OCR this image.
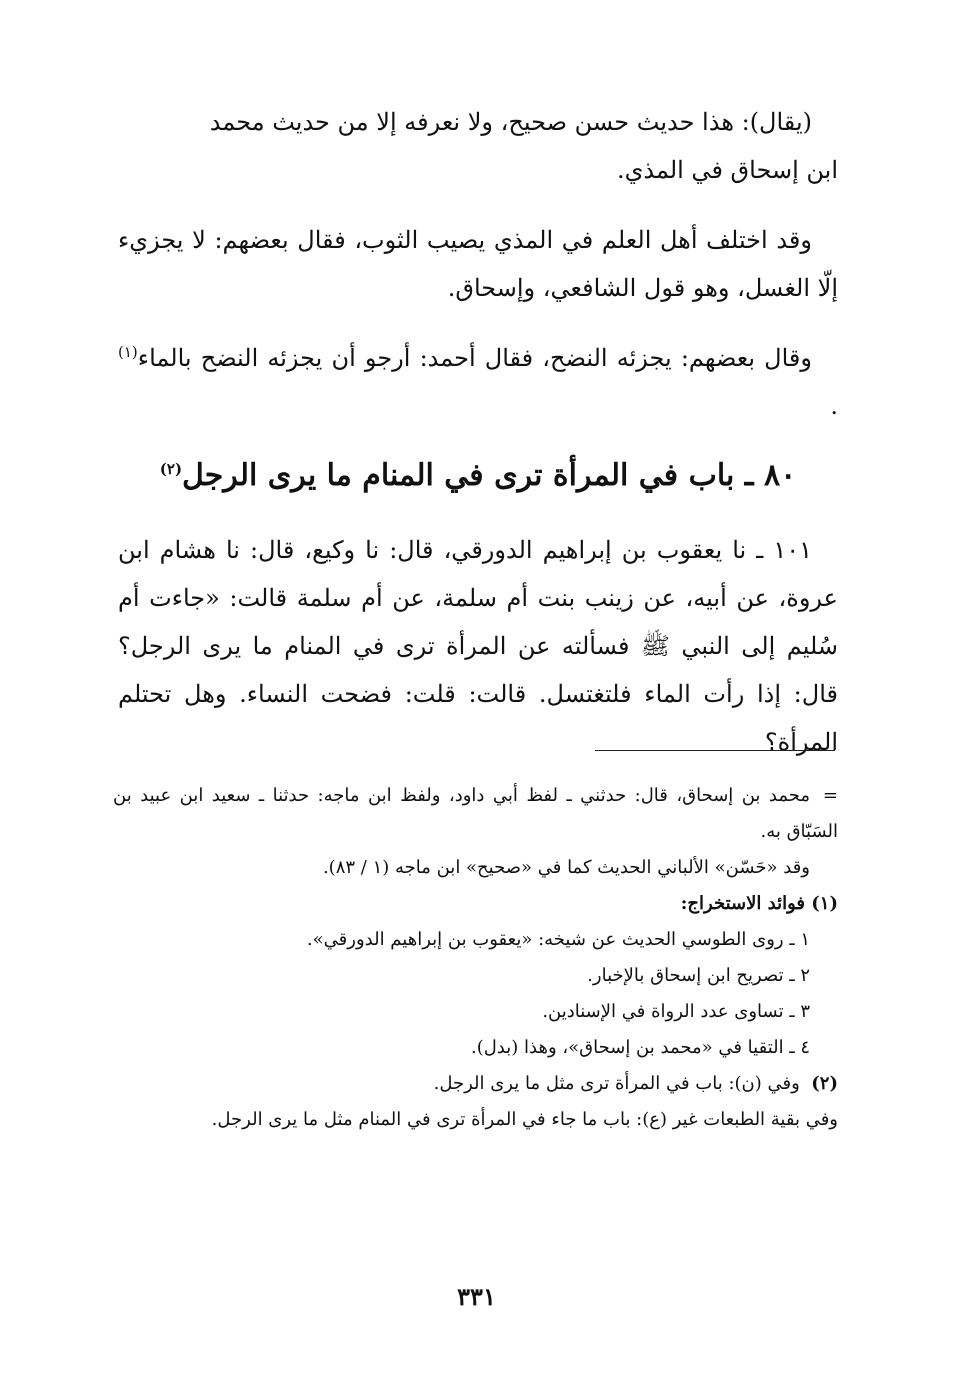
(يقال): هذا حديث حسن صحيح، ولا نعرفه إلا من حديث محمد
ابن إسحاق في المذي.

وقد اختلف أهل العلم في المذي يصيب الثوب، فقال بعضهم: لا يجزيء إلّا الغسل، وهو قول الشافعي، وإسحاق.

وقال بعضهم: يجزئه النضح، فقال أحمد: أرجو أن يجزئه النضح بالماء$^{(١)}$ .

٨٠ ـ باب في المرأة ترى في المنام ما يرى الرجل$^{(٢)}$

١٠١ ـ نا يعقوب بن إبراهيم الدورقي، قال: نا وكيع، قال: نا هشام ابن عروة، عن أبيه، عن زينب بنت أم سلمة، عن أم سلمة قالت: «جاءت أم سُليم إلى النبي ﷺ فسألته عن المرأة ترى في المنام ما يرى الرجل؟ قال: إذا رأت الماء فلتغتسل. قالت: قلت: فضحت النساء. وهل تحتلم المرأة؟

=محمد بن إسحاق، قال: حدثني ـ لفظ أبي داود، ولفظ ابن ماجه: حدثنا ـ سعيد ابن عبيد بن السَبّاق به.

وقد «حَسّن» الألباني الحديث كما في «صحيح» ابن ماجه (١ / ٨٣).

(١) فوائد الاستخراج:

١ ـ روى الطوسي الحديث عن شيخه: «يعقوب بن إبراهيم الدورقي».

٢ ـ تصريح ابن إسحاق بالإخبار.

٣ ـ تساوى عدد الرواة في الإسنادين.

٤ ـ التقيا في «محمد بن إسحاق»، وهذا (بدل).

(٢)  وفي (ن): باب في المرأة ترى مثل ما يرى الرجل.

وفي بقية الطبعات غير (ع): باب ما جاء في المرأة ترى في المنام مثل ما يرى الرجل.

٣٣١
